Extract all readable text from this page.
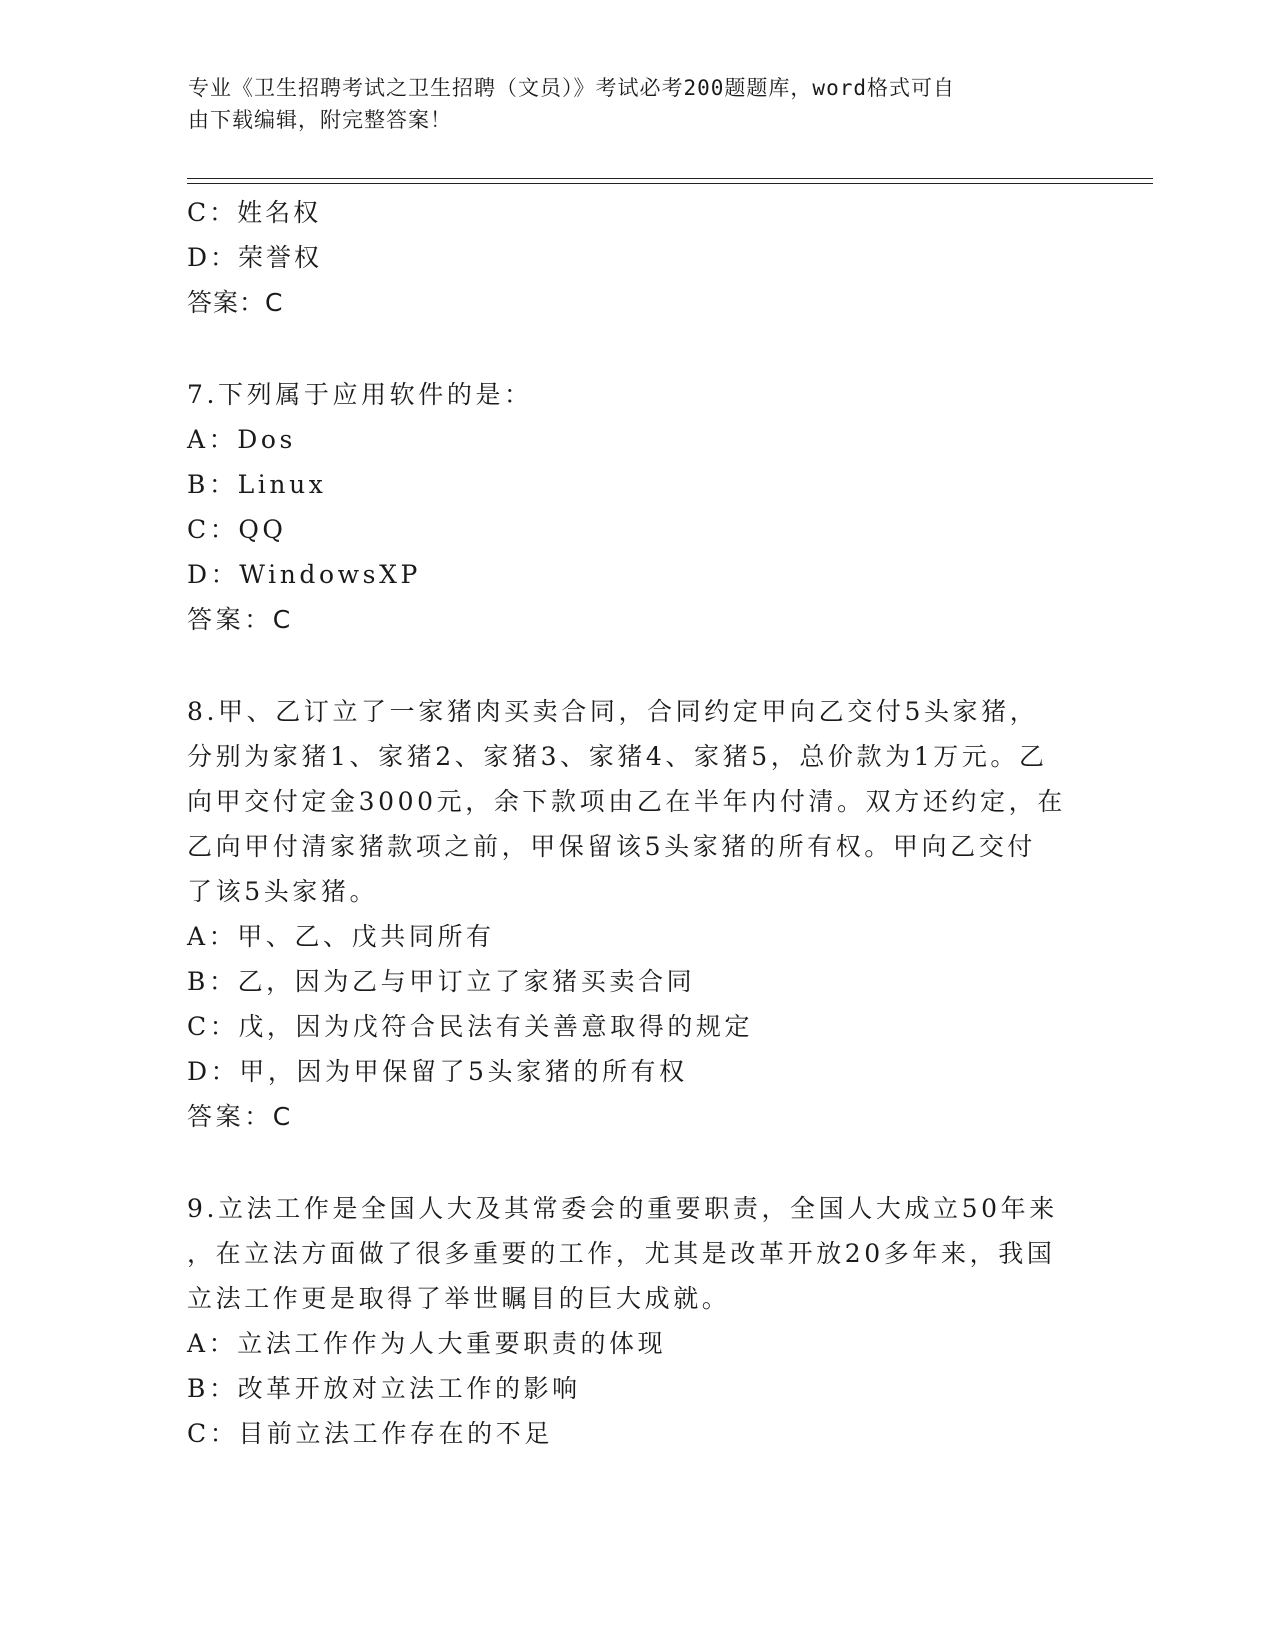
专业《卫生招聘考试之卫生招聘（文员）》考试必考200题题库，word格式可自
由下载编辑，附完整答案！
C：姓名权
D：荣誉权
答案：C
7.下列属于应用软件的是：
A：Dos
B：Linux
C：QQ
D：WindowsXP
答案：C
8.甲、乙订立了一家猪肉买卖合同，合同约定甲向乙交付5头家猪，
分别为家猪1、家猪2、家猪3、家猪4、家猪5，总价款为1万元。乙
向甲交付定金3000元，余下款项由乙在半年内付清。双方还约定，在
乙向甲付清家猪款项之前，甲保留该5头家猪的所有权。甲向乙交付
了该5头家猪。
A：甲、乙、戊共同所有
B：乙，因为乙与甲订立了家猪买卖合同
C：戊，因为戊符合民法有关善意取得的规定
D：甲，因为甲保留了5头家猪的所有权
答案：C
9.立法工作是全国人大及其常委会的重要职责，全国人大成立50年来
，在立法方面做了很多重要的工作，尤其是改革开放20多年来，我国
立法工作更是取得了举世瞩目的巨大成就。
A：立法工作作为人大重要职责的体现
B：改革开放对立法工作的影响
C：目前立法工作存在的不足
